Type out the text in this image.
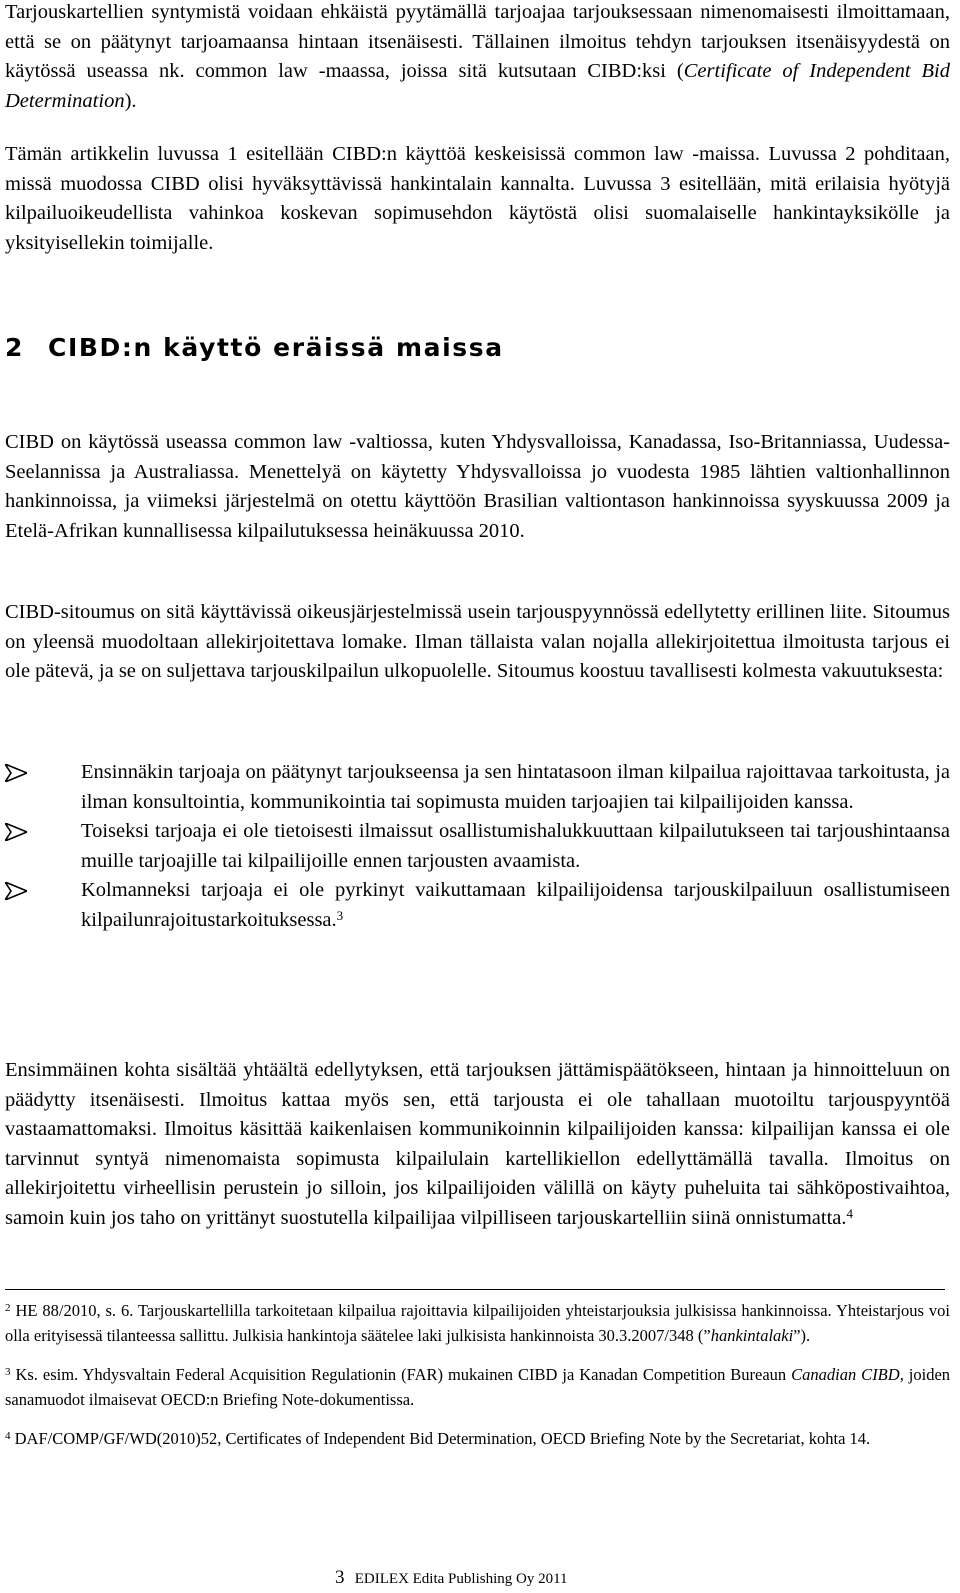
Tarjouskartellien syntymistä voidaan ehkäistä pyytämällä tarjoajaa tarjouksessaan nimenomaisesti ilmoittamaan, että se on päätynyt tarjoamaansa hintaan itsenäisesti. Tällainen ilmoitus tehdyn tarjouksen itsenäisyydestä on käytössä useassa nk. common law -maassa, joissa sitä kutsutaan CIBD:ksi (Certificate of Independent Bid Determination).

Tämän artikkelin luvussa 1 esitellään CIBD:n käyttöä keskeisissä common law -maissa. Luvussa 2 pohditaan, missä muodossa CIBD olisi hyväksyttävissä hankintalain kannalta. Luvussa 3 esitellään, mitä erilaisia hyötyjä kilpailuoikeudellista vahinkoa koskevan sopimusehdon käytöstä olisi suomalaiselle hankintayksikölle ja yksityisellekin toimijalle.

2 CIBD:n käyttö eräissä maissa

CIBD on käytössä useassa common law -valtiossa, kuten Yhdysvalloissa, Kanadassa, Iso-Britanniassa, Uudessa-Seelannissa ja Australiassa. Menettelyä on käytetty Yhdysvalloissa jo vuodesta 1985 lähtien valtionhallinnon hankinnoissa, ja viimeksi järjestelmä on otettu käyttöön Brasilian valtiontason hankinnoissa syyskuussa 2009 ja Etelä-Afrikan kunnallisessa kilpailutuksessa heinäkuussa 2010.

CIBD-sitoumus on sitä käyttävissä oikeusjärjestelmissä usein tarjouspyynnössä edellytetty erillinen liite. Sitoumus on yleensä muodoltaan allekirjoitettava lomake. Ilman tällaista valan nojalla allekirjoitettua ilmoitusta tarjous ei ole pätevä, ja se on suljettava tarjouskilpailun ulkopuolelle. Sitoumus koostuu tavallisesti kolmesta vakuutuksesta:

Ensinnäkin tarjoaja on päätynyt tarjoukseensa ja sen hintatasoon ilman kilpailua rajoittavaa tarkoitusta, ja ilman konsultointia, kommunikointia tai sopimusta muiden tarjoajien tai kilpailijoiden kanssa.
Toiseksi tarjoaja ei ole tietoisesti ilmaissut osallistumishalukkuuttaan kilpailutukseen tai tarjoushintaansa muille tarjoajille tai kilpailijoille ennen tarjousten avaamista.
Kolmanneksi tarjoaja ei ole pyrkinyt vaikuttamaan kilpailijoidensa tarjouskilpailuun osallistumiseen kilpailunrajoitustarkoituksessa.$^3$

Ensimmäinen kohta sisältää yhtäältä edellytyksen, että tarjouksen jättämispäätökseen, hintaan ja hinnoitteluun on päädytty itsenäisesti. Ilmoitus kattaa myös sen, että tarjousta ei ole tahallaan muotoiltu tarjouspyyntöä vastaamattomaksi. Ilmoitus käsittää kaikenlaisen kommunikoinnin kilpailijoiden kanssa: kilpailijan kanssa ei ole tarvinnut syntyä nimenomaista sopimusta kilpailulain kartellikiellon edellyttämällä tavalla. Ilmoitus on allekirjoitettu virheellisin perustein jo silloin, jos kilpailijoiden välillä on käyty puheluita tai sähköpostivaihtoa, samoin kuin jos taho on yrittänyt suostutella kilpailijaa vilpilliseen tarjouskartelliin siinä onnistumatta.$^4$

$^2$ HE 88/2010, s. 6. Tarjouskartellilla tarkoitetaan kilpailua rajoittavia kilpailijoiden yhteistarjouksia julkisissa hankinnoissa. Yhteistarjous voi olla erityisessä tilanteessa sallittu. Julkisia hankintoja säätelee laki julkisista hankinnoista 30.3.2007/348 (”hankintalaki”).

$^3$ Ks. esim. Yhdysvaltain Federal Acquisition Regulationin (FAR) mukainen CIBD ja Kanadan Competition Bureaun Canadian CIBD, joiden sanamuodot ilmaisevat OECD:n Briefing Note-dokumentissa.

$^4$ DAF/COMP/GF/WD(2010)52, Certificates of Independent Bid Determination, OECD Briefing Note by the Secretariat, kohta 14.

3 EDILEX Edita Publishing Oy 2011
